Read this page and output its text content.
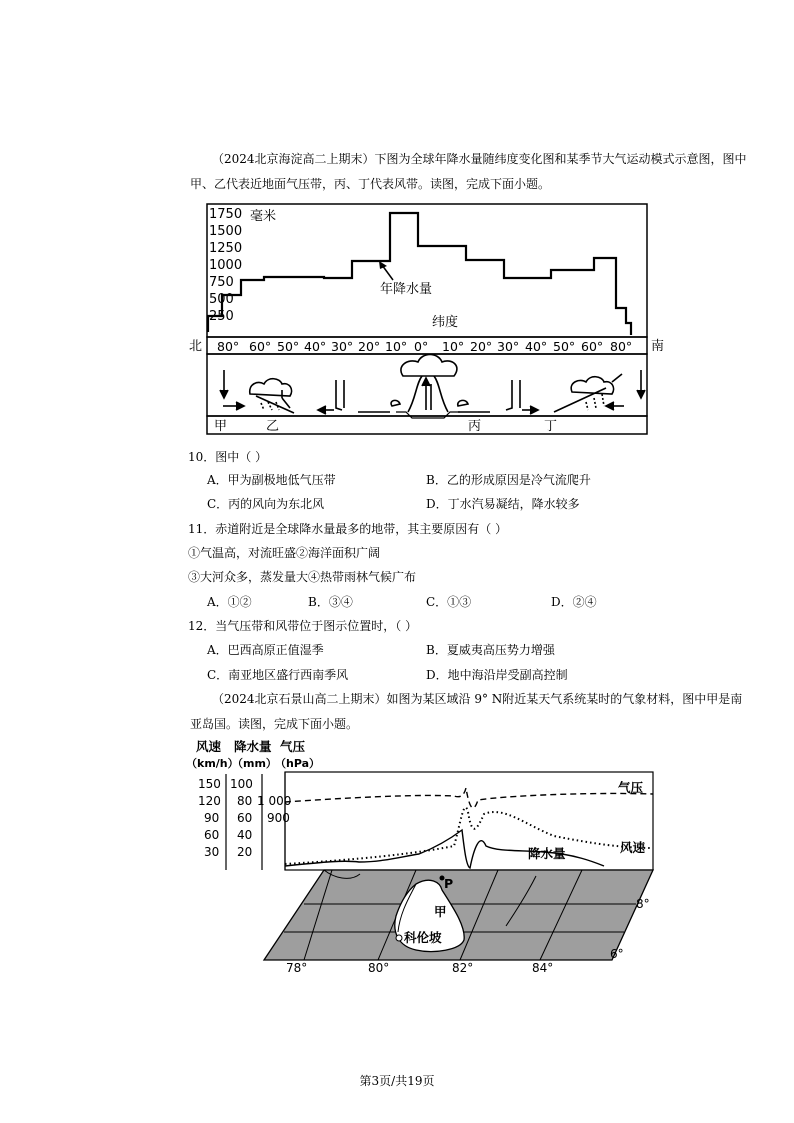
（2024北京海淀高二上期末）下图为全球年降水量随纬度变化图和某季节大气运动模式示意图，图中甲、乙代表近地面气压带，丙、丁代表风带。读图，完成下面小题。
1750
1500
1250
1000
750
500
250
毫米
年降水量
纬度
北	南
80° 60° 50° 40° 30° 20° 10° 0° 10° 20° 30° 40° 50° 60° 80°
甲	乙	丙	丁
10．图中（ ）
A．甲为副极地低气压带	B．乙的形成原因是冷气流爬升
C．丙的风向为东北风	D．丁水汽易凝结，降水较多
11．赤道附近是全球降水量最多的地带，其主要原因有（ ）
①气温高，对流旺盛②海洋面积广阔
③大河众多，蒸发量大④热带雨林气候广布
A．①②	B．③④	C．①③	D．②④
12．当气压带和风带位于图示位置时，（ ）
A．巴西高原正值湿季	B．夏威夷高压势力增强
C．南亚地区盛行西南季风	D．地中海沿岸受副高控制
（2024北京石景山高二上期末）如图为某区域沿 9° N附近某天气系统某时的气象材料，图中甲是南亚岛国。读图，完成下面小题。
风速 降水量 气压
（km/h）
（mm）
（hPa）
150
120
90
60
30
100
80
60
40
20
1 000
900
气压
风速
降水量
P
甲
科伦坡
8°
6°
78°	80°	82°	84°
第3页/共19页
